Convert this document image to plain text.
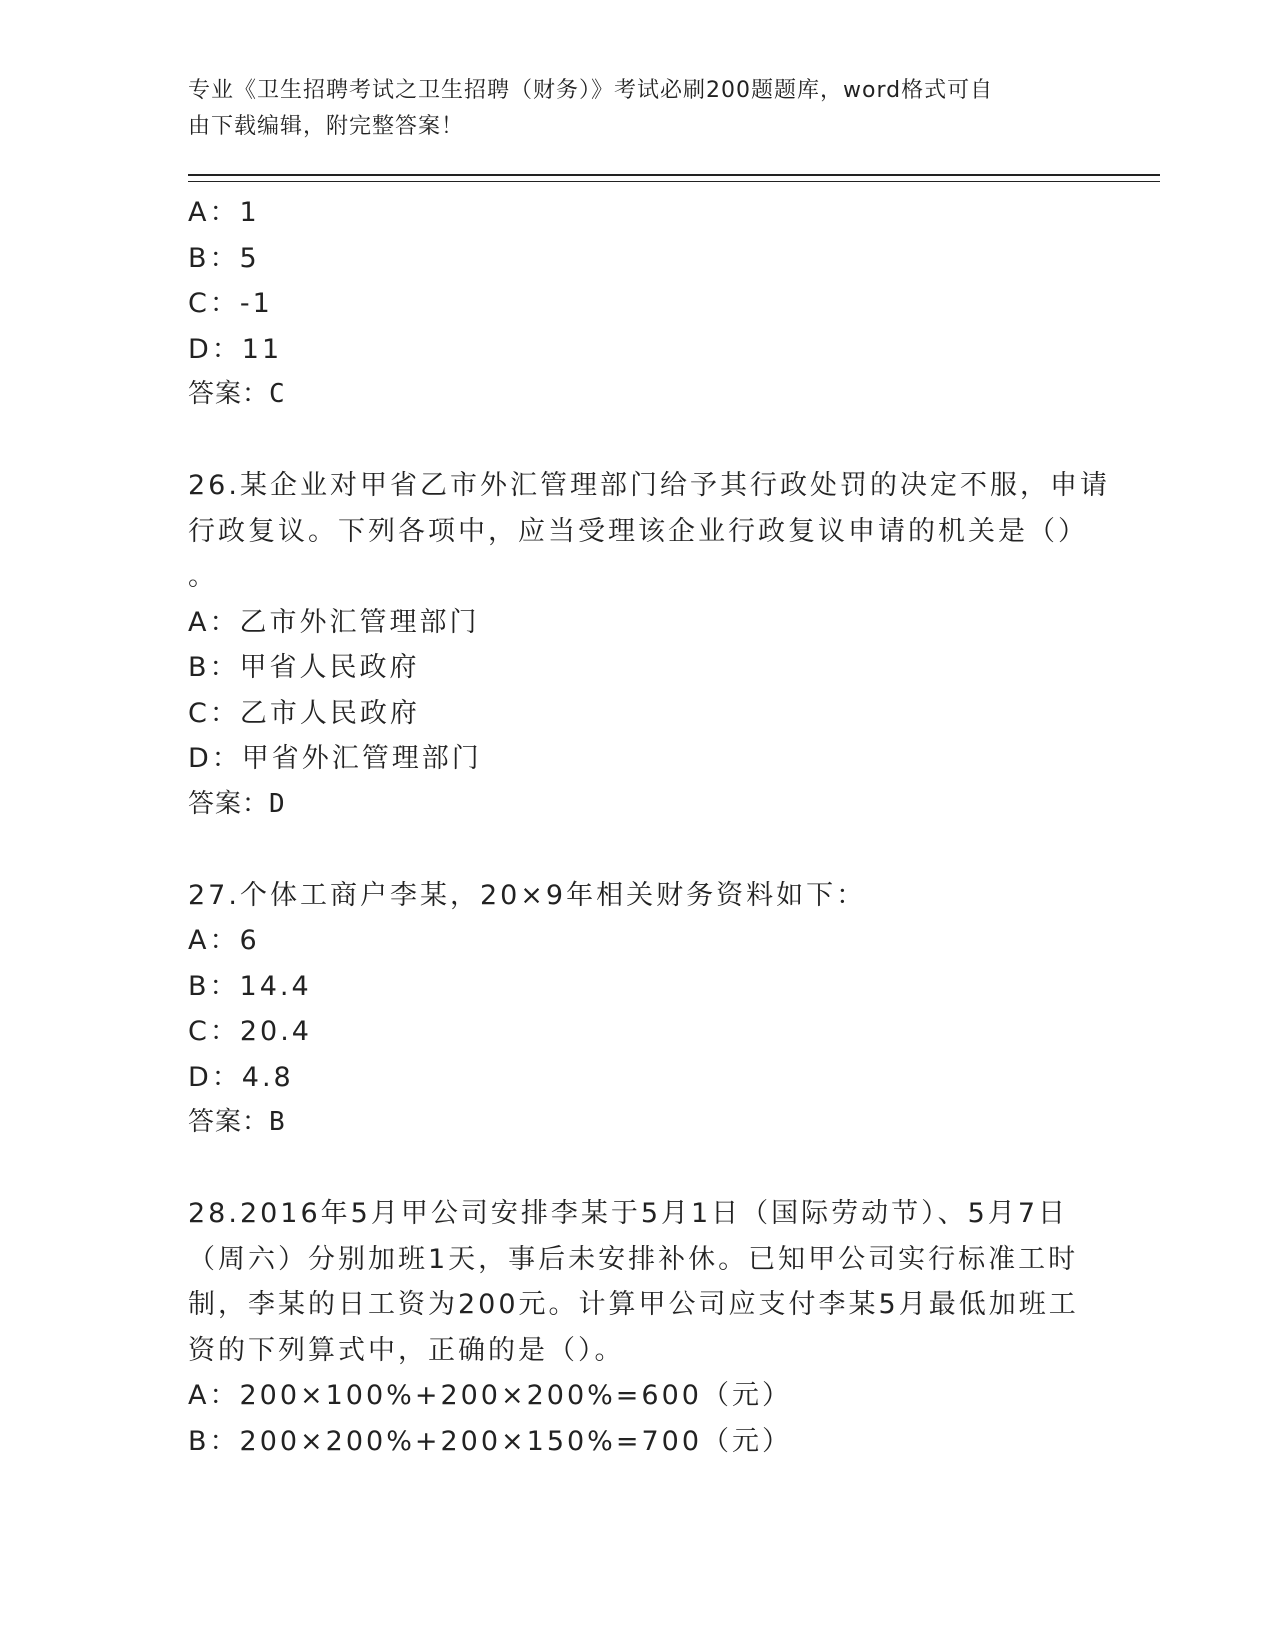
专业《卫生招聘考试之卫生招聘（财务）》考试必刷200题题库，word格式可自
由下载编辑，附完整答案！
A：1
B：5
C：-1
D：11
答案：C
26.某企业对甲省乙市外汇管理部门给予其行政处罚的决定不服，申请
行政复议。下列各项中，应当受理该企业行政复议申请的机关是（）
。
A：乙市外汇管理部门
B：甲省人民政府
C：乙市人民政府
D：甲省外汇管理部门
答案：D
27.个体工商户李某，20×9年相关财务资料如下：
A：6
B：14.4
C：20.4
D：4.8
答案：B
28.2016年5月甲公司安排李某于5月1日（国际劳动节）、5月7日
（周六）分别加班1天，事后未安排补休。已知甲公司实行标准工时
制，李某的日工资为200元。计算甲公司应支付李某5月最低加班工
资的下列算式中，正确的是（）。
A：200×100%+200×200%=600（元）
B：200×200%+200×150%=700（元）
